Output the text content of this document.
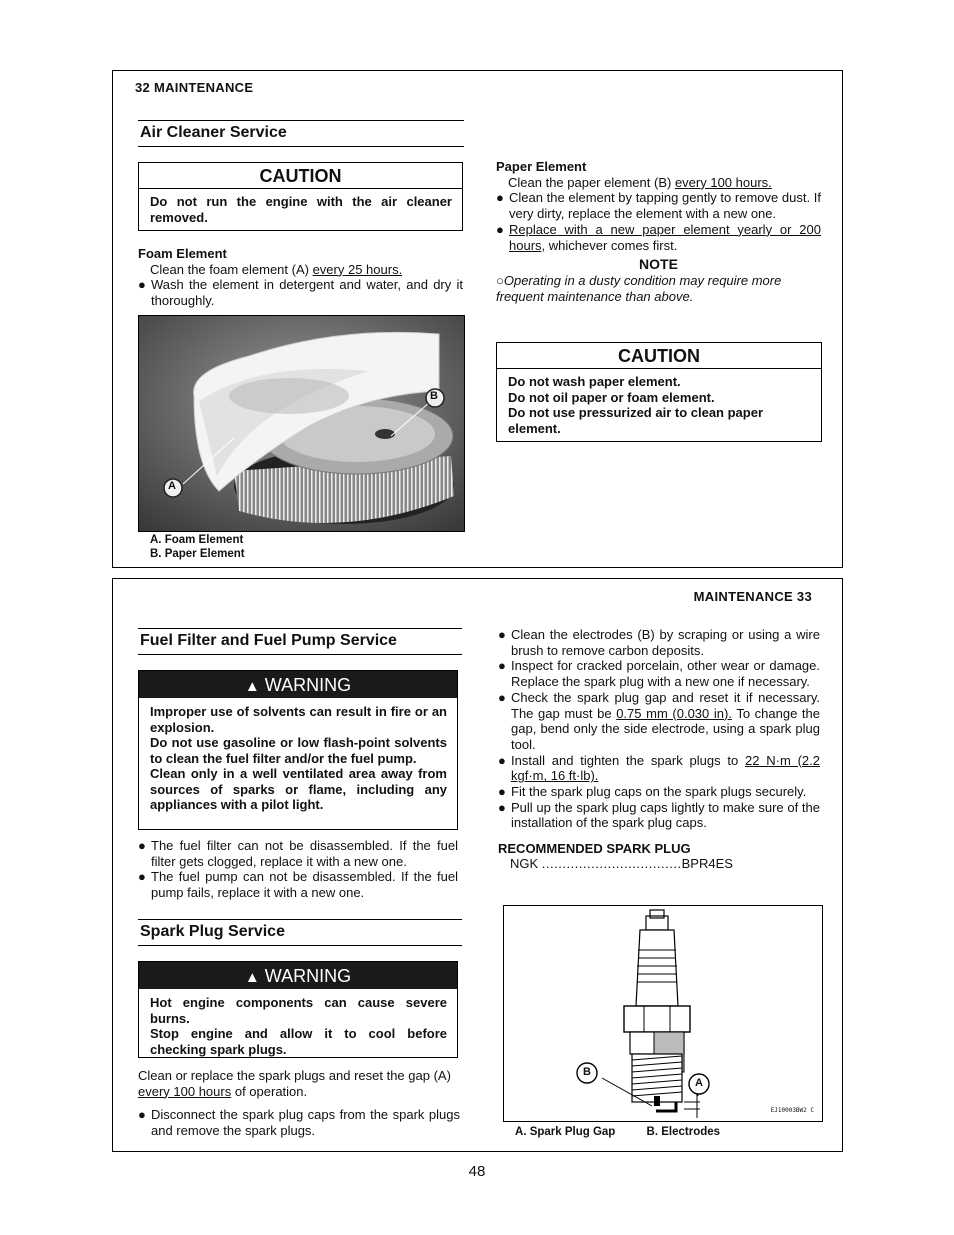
32 MAINTENANCE
Air Cleaner Service
CAUTION

Do not run the engine with the air cleaner removed.

Foam Element

Clean the foam element (A) every 25 hours.

● Wash the element in detergent and water, and dry it thoroughly.
A
B
A. Foam Element
B. Paper Element

Paper Element

Clean the paper element (B) every 100 hours.

● Clean the element by tapping gently to remove dust. If very dirty, replace the element with a new one.
● Replace with a new paper element yearly or 200 hours, whichever comes first.
NOTE

○Operating in a dusty condition may require more frequent maintenance than above.

CAUTION

Do not wash paper element.

Do not oil paper or foam element.

Do not use pressurized air to clean paper element.

MAINTENANCE 33
Fuel Filter and Fuel Pump Service
▲ WARNING

Improper use of solvents can result in fire or an explosion.

Do not use gasoline or low flash-point solvents to clean the fuel filter and/or the fuel pump.

Clean only in a well ventilated area away from sources of sparks or flame, including any appliances with a pilot light.

● The fuel filter can not be disassembled. If the fuel filter gets clogged, replace it with a new one.
● The fuel pump can not be disassembled. If the fuel pump fails, replace it with a new one.
Spark Plug Service
▲ WARNING

Hot engine components can cause severe burns.

Stop engine and allow it to cool before checking spark plugs.

Clean or replace the spark plugs and reset the gap (A) every 100 hours of operation.

● Disconnect the spark plug caps from the spark plugs and remove the spark plugs.
● Clean the electrodes (B) by scraping or using a wire brush to remove carbon deposits.
● Inspect for cracked porcelain, other wear or damage. Replace the spark plug with a new one if necessary.
● Check the spark plug gap and reset it if necessary. The gap must be 0.75 mm (0.030 in). To change the gap, bend only the side electrode, using a spark plug tool.
● Install and tighten the spark plugs to 22 N·m (2.2 kgf·m, 16 ft·lb).
● Fit the spark plug caps on the spark plugs securely.
● Pull up the spark plug caps lightly to make sure of the installation of the spark plug caps.
RECOMMENDED SPARK PLUG
NGK ..................................BPR4ES
B
A
EJ10003BW2 C
A. Spark Plug Gap	B. Electrodes
48
